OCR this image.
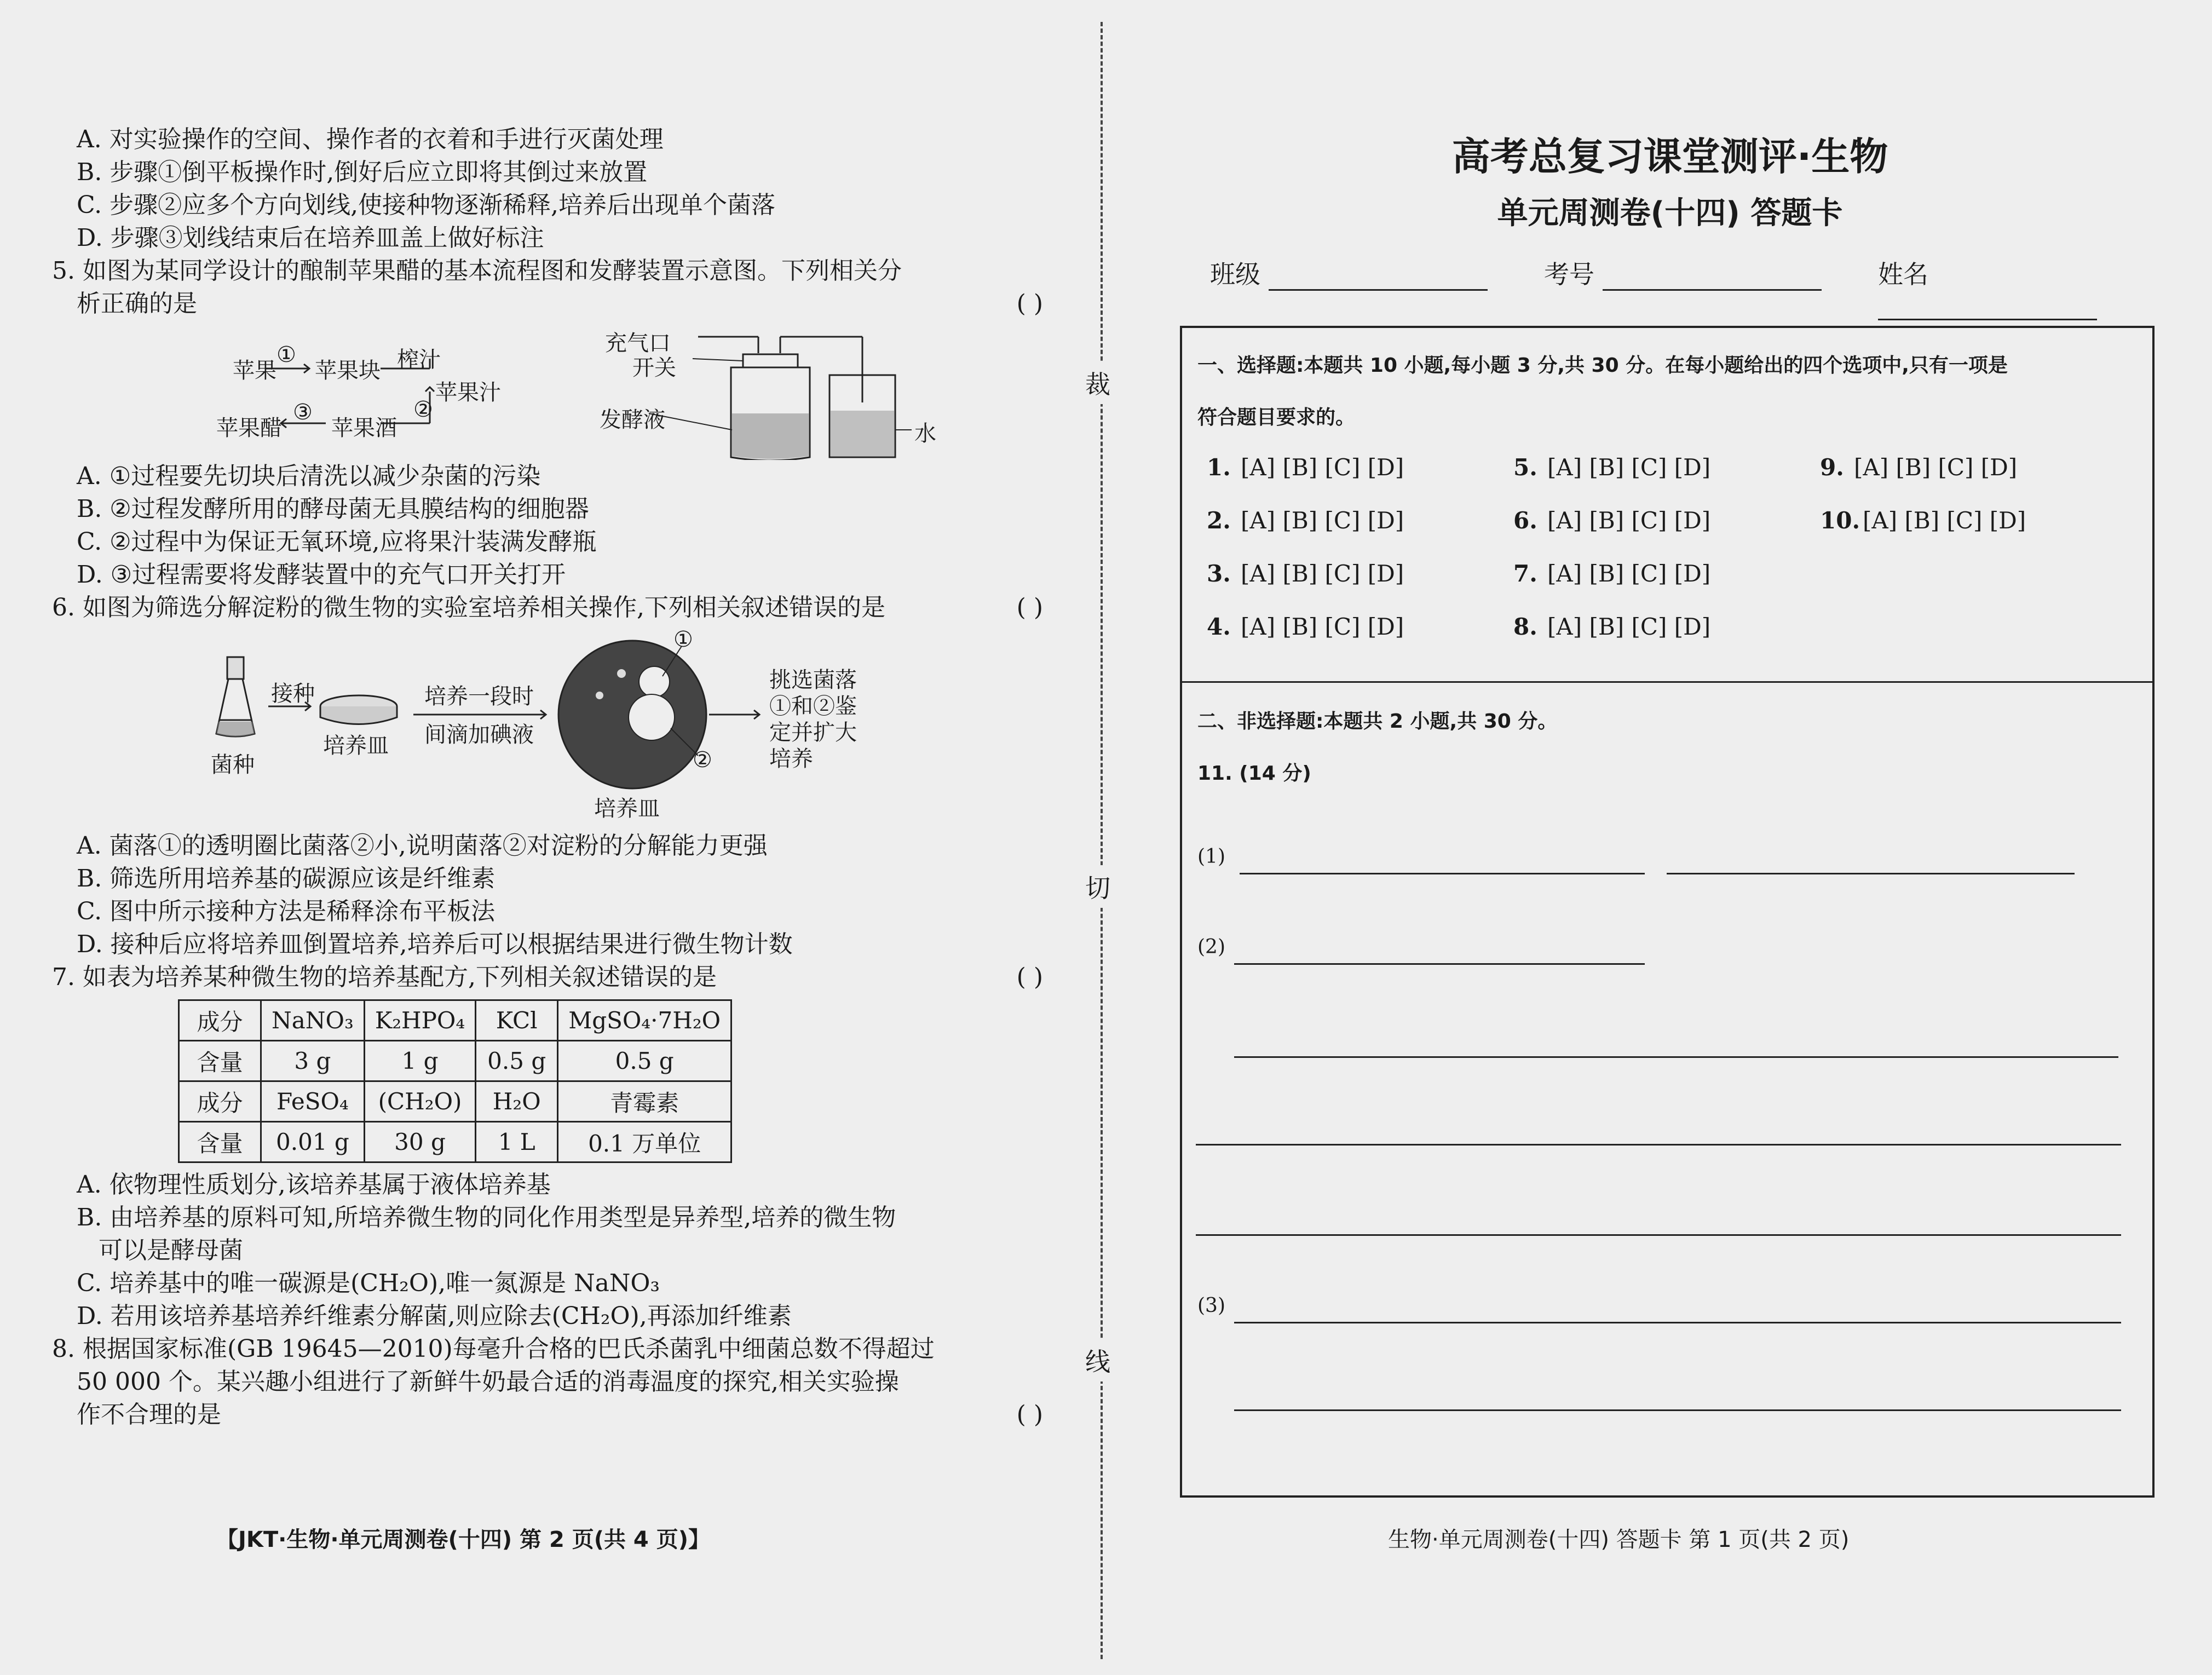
A. 对实验操作的空间、操作者的衣着和手进行灭菌处理
B. 步骤①倒平板操作时,倒好后应立即将其倒过来放置
C. 步骤②应多个方向划线,使接种物逐渐稀释,培养后出现单个菌落
D. 步骤③划线结束后在培养皿盖上做好标注
5. 如图为某同学设计的酿制苹果醋的基本流程图和发酵装置示意图。下列相关分
析正确的是	( )
苹果
①
苹果块 榨汁
苹果汁
②
苹果酒
③
苹果醋
充气口
开关
发酵液
水
A. ①过程要先切块后清洗以减少杂菌的污染
B. ②过程发酵所用的酵母菌无具膜结构的细胞器
C. ②过程中为保证无氧环境,应将果汁装满发酵瓶
D. ③过程需要将发酵装置中的充气口开关打开
6. 如图为筛选分解淀粉的微生物的实验室培养相关操作,下列相关叙述错误的是	( )
菌种
接种
培养皿
培养一段时
间滴加碘液
培养皿
①
②
挑选菌落
①和②鉴
定并扩大
培养
A. 菌落①的透明圈比菌落②小,说明菌落②对淀粉的分解能力更强
B. 筛选所用培养基的碳源应该是纤维素
C. 图中所示接种方法是稀释涂布平板法
D. 接种后应将培养皿倒置培养,培养后可以根据结果进行微生物计数
7. 如表为培养某种微生物的培养基配方,下列相关叙述错误的是	( )
成分	NaNO₃	K₂HPO₄	KCl	MgSO₄·7H₂O
含量	3 g	1 g	0.5 g	0.5 g
成分	FeSO₄	(CH₂O)	H₂O	青霉素
含量	0.01 g	30 g	1 L	0.1 万单位
A. 依物理性质划分,该培养基属于液体培养基
B. 由培养基的原料可知,所培养微生物的同化作用类型是异养型,培养的微生物
可以是酵母菌
C. 培养基中的唯一碳源是(CH₂O),唯一氮源是 NaNO₃
D. 若用该培养基培养纤维素分解菌,则应除去(CH₂O),再添加纤维素
8. 根据国家标准(GB 19645—2010)每毫升合格的巴氏杀菌乳中细菌总数不得超过
50 000 个。某兴趣小组进行了新鲜牛奶最合适的消毒温度的探究,相关实验操
作不合理的是	( )
【JKT·生物·单元周测卷(十四) 第 2 页(共 4 页)】
裁
切
线
高考总复习课堂测评·生物
单元周测卷(十四) 答题卡
班级	考号	姓名
一、选择题:本题共 10 小题,每小题 3 分,共 30 分。在每小题给出的四个选项中,只有一项是
符合题目要求的。
1. [A] [B] [C] [D]
2. [A] [B] [C] [D]
3. [A] [B] [C] [D]
4. [A] [B] [C] [D]
5. [A] [B] [C] [D]
6. [A] [B] [C] [D]
7. [A] [B] [C] [D]
8. [A] [B] [C] [D]
9. [A] [B] [C] [D]
10. [A] [B] [C] [D]
二、非选择题:本题共 2 小题,共 30 分。
11. (14 分)
(1)
(2)
(3)
生物·单元周测卷(十四) 答题卡 第 1 页(共 2 页)
